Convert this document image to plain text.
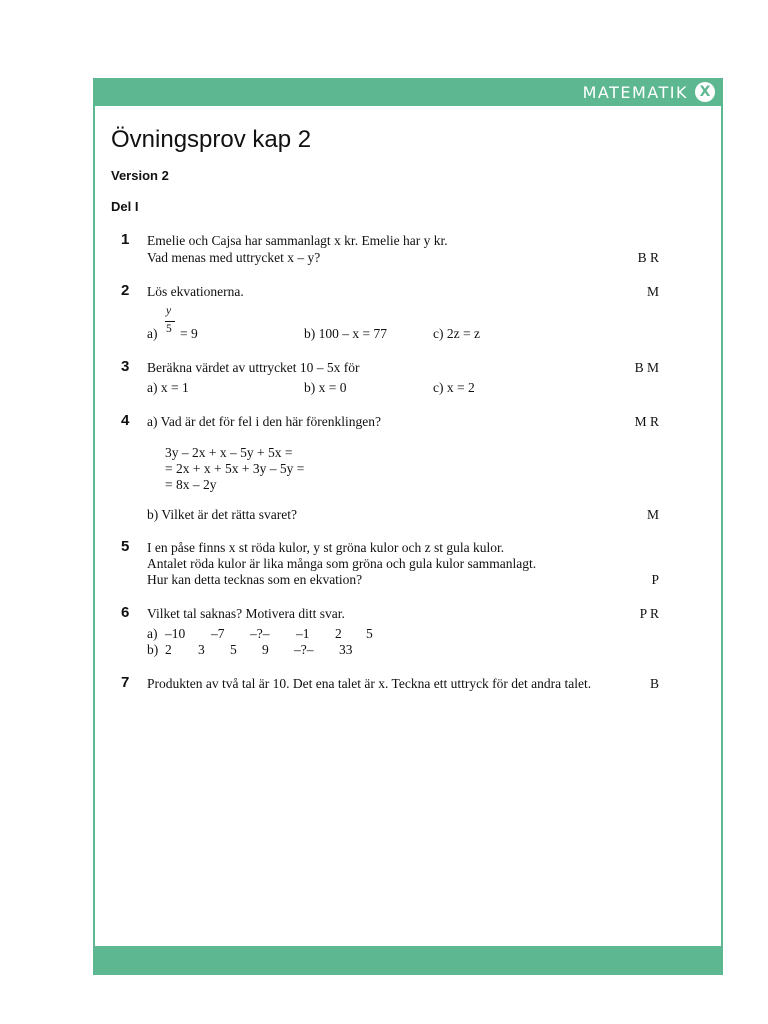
MATEMATIK X
Övningsprov kap 2
Version 2
Del I
1 Emelie och Cajsa har sammanlagt x kr. Emelie har y kr.
Vad menas med uttrycket x – y?	B R
2 Lös ekvationerna.	M
a)
y
5 = 9	b) 100 – x = 77	c) 2z = z
3 Beräkna värdet av uttrycket 10 – 5x för	B M
a) x = 1	b) x = 0	c) x = 2
4 a) Vad är det för fel i den här förenklingen?	M R
3y – 2x + x – 5y + 5x =
= 2x + x + 5x + 3y – 5y =
= 8x – 2y
b) Vilket är det rätta svaret?	M
5 I en påse finns x st röda kulor, y st gröna kulor och z st gula kulor.
Antalet röda kulor är lika många som gröna och gula kulor sammanlagt.
Hur kan detta tecknas som en ekvation?	P
6 Vilket tal saknas? Motivera ditt svar.	P R
a) –10 –7 –?– –1 2 5
b) 2 3 5 9 –?– 33
7 Produkten av två tal är 10. Det ena talet är x. Teckna ett uttryck för det andra talet.	B
